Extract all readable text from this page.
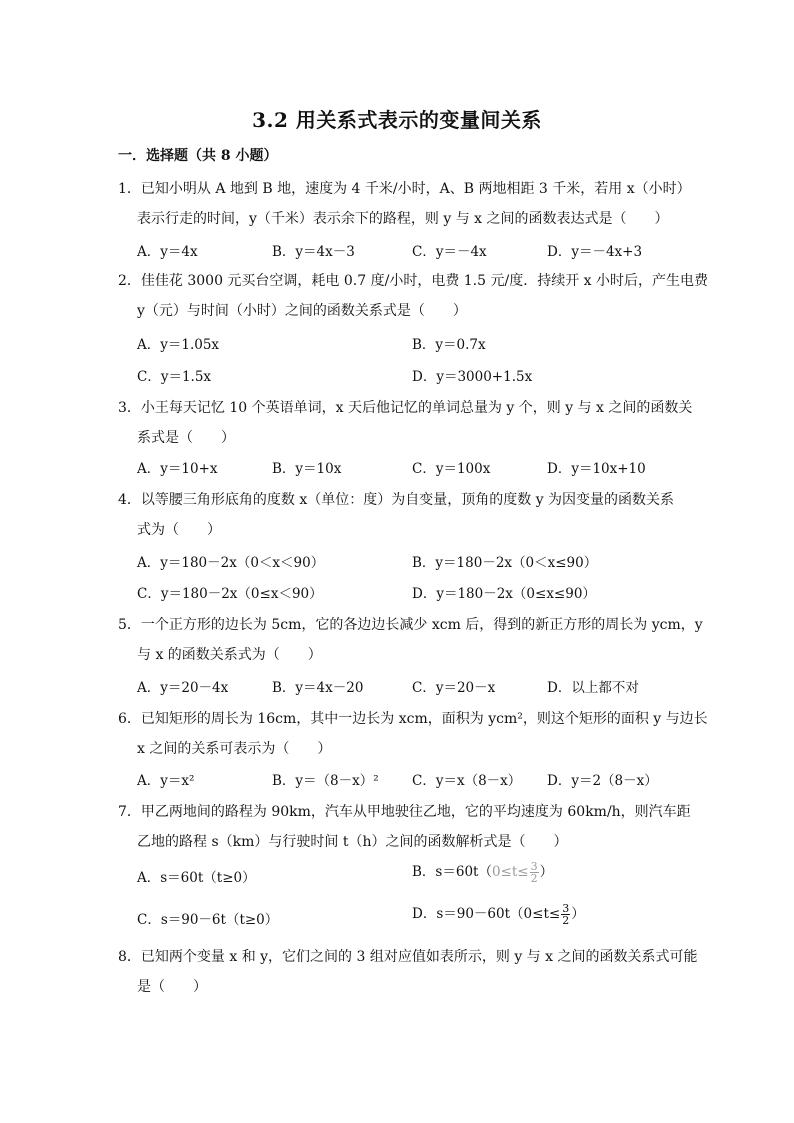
3.2 用关系式表示的变量间关系
一．选择题（共 8 小题）
1．已知小明从 A 地到 B 地，速度为 4 千米/小时，A、B 两地相距 3 千米，若用 x（小时）
表示行走的时间，y（千米）表示余下的路程，则 y 与 x 之间的函数表达式是（　　）
A．y＝4x	B．y＝4x－3	C．y＝－4x	D．y＝－4x+3
2．佳佳花 3000 元买台空调，耗电 0.7 度/小时，电费 1.5 元/度．持续开 x 小时后，产生电费
y（元）与时间（小时）之间的函数关系式是（　　）
A．y＝1.05x	B．y＝0.7x
C．y＝1.5x	D．y＝3000+1.5x
3．小王每天记忆 10 个英语单词，x 天后他记忆的单词总量为 y 个，则 y 与 x 之间的函数关
系式是（　　）
A．y＝10+x	B．y＝10x	C．y＝100x	D．y＝10x+10
4．以等腰三角形底角的度数 x（单位：度）为自变量，顶角的度数 y 为因变量的函数关系
式为（　　）
A．y＝180－2x（0＜x＜90）	B．y＝180－2x（0＜x≤90）
C．y＝180－2x（0≤x＜90）	D．y＝180－2x（0≤x≤90）
5．一个正方形的边长为 5cm，它的各边边长减少 xcm 后，得到的新正方形的周长为 ycm，y
与 x 的函数关系式为（　　）
A．y＝20－4x	B．y＝4x－20	C．y＝20－x	D．以上都不对
6．已知矩形的周长为 16cm，其中一边长为 xcm，面积为 ycm²，则这个矩形的面积 y 与边长
x 之间的关系可表示为（　　）
A．y＝x²	B．y＝（8－x）² C．y＝x（8－x） D．y＝2（8－x）
7．甲乙两地间的路程为 90km，汽车从甲地驶往乙地，它的平均速度为 60km/h，则汽车距
乙地的路程 s（km）与行驶时间 t（h）之间的函数解析式是（　　）
A．s＝60t（t≥0）	B．$s=60t(0\le t\le \frac{3}{2}$ ）
C．s＝90－6t（t≥0）	D．$s=90-60t(0\le t\le \frac{3}{2}$ ）
8．已知两个变量 x 和 y，它们之间的 3 组对应值如表所示，则 y 与 x 之间的函数关系式可能
是（　　）
